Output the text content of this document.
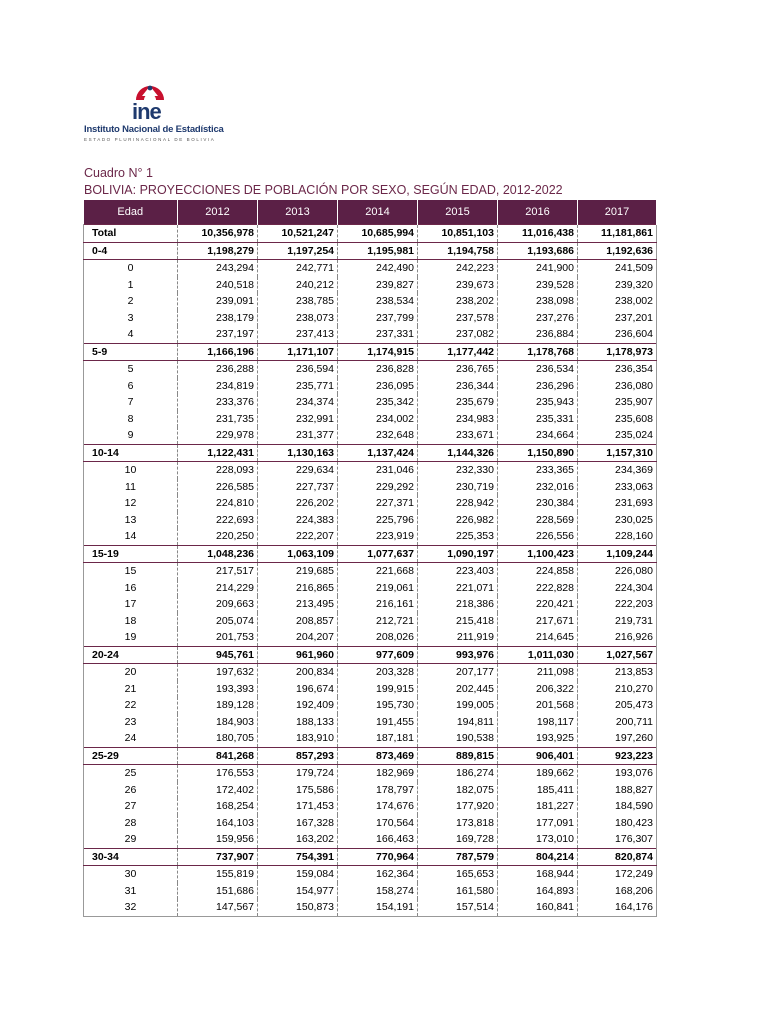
ine
Instituto Nacional de Estadística
ESTADO PLURINACIONAL DE BOLIVIA
Cuadro N° 1
BOLIVIA: PROYECCIONES DE POBLACIÓN POR SEXO, SEGÚN EDAD, 2012-2022
Edad	2012	2013	2014	2015	2016	2017
Total	10,356,978	10,521,247	10,685,994	10,851,103	11,016,438	11,181,861
0-4	1,198,279	1,197,254	1,195,981	1,194,758	1,193,686	1,192,636
0	243,294	242,771	242,490	242,223	241,900	241,509
1	240,518	240,212	239,827	239,673	239,528	239,320
2	239,091	238,785	238,534	238,202	238,098	238,002
3	238,179	238,073	237,799	237,578	237,276	237,201
4	237,197	237,413	237,331	237,082	236,884	236,604
5-9	1,166,196	1,171,107	1,174,915	1,177,442	1,178,768	1,178,973
5	236,288	236,594	236,828	236,765	236,534	236,354
6	234,819	235,771	236,095	236,344	236,296	236,080
7	233,376	234,374	235,342	235,679	235,943	235,907
8	231,735	232,991	234,002	234,983	235,331	235,608
9	229,978	231,377	232,648	233,671	234,664	235,024
10-14	1,122,431	1,130,163	1,137,424	1,144,326	1,150,890	1,157,310
10	228,093	229,634	231,046	232,330	233,365	234,369
11	226,585	227,737	229,292	230,719	232,016	233,063
12	224,810	226,202	227,371	228,942	230,384	231,693
13	222,693	224,383	225,796	226,982	228,569	230,025
14	220,250	222,207	223,919	225,353	226,556	228,160
15-19	1,048,236	1,063,109	1,077,637	1,090,197	1,100,423	1,109,244
15	217,517	219,685	221,668	223,403	224,858	226,080
16	214,229	216,865	219,061	221,071	222,828	224,304
17	209,663	213,495	216,161	218,386	220,421	222,203
18	205,074	208,857	212,721	215,418	217,671	219,731
19	201,753	204,207	208,026	211,919	214,645	216,926
20-24	945,761	961,960	977,609	993,976	1,011,030	1,027,567
20	197,632	200,834	203,328	207,177	211,098	213,853
21	193,393	196,674	199,915	202,445	206,322	210,270
22	189,128	192,409	195,730	199,005	201,568	205,473
23	184,903	188,133	191,455	194,811	198,117	200,711
24	180,705	183,910	187,181	190,538	193,925	197,260
25-29	841,268	857,293	873,469	889,815	906,401	923,223
25	176,553	179,724	182,969	186,274	189,662	193,076
26	172,402	175,586	178,797	182,075	185,411	188,827
27	168,254	171,453	174,676	177,920	181,227	184,590
28	164,103	167,328	170,564	173,818	177,091	180,423
29	159,956	163,202	166,463	169,728	173,010	176,307
30-34	737,907	754,391	770,964	787,579	804,214	820,874
30	155,819	159,084	162,364	165,653	168,944	172,249
31	151,686	154,977	158,274	161,580	164,893	168,206
32	147,567	150,873	154,191	157,514	160,841	164,176
